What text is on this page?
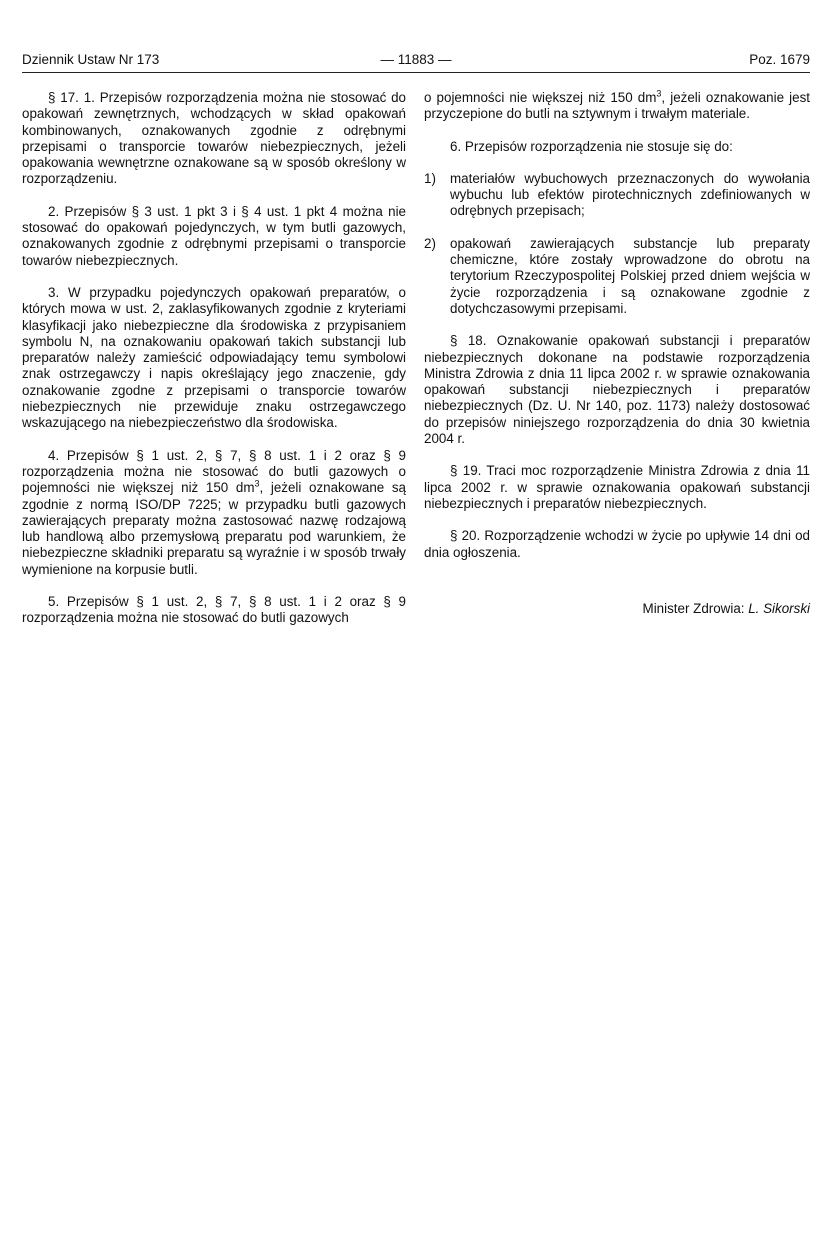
Dziennik Ustaw Nr 173	— 11883 —	Poz. 1679

§ 17. 1. Przepisów rozporządzenia można nie stosować do opakowań zewnętrznych, wchodzących w skład opakowań kombinowanych, oznakowanych zgodnie z odrębnymi przepisami o transporcie towarów niebezpiecznych, jeżeli opakowania wewnętrzne oznakowane są w sposób określony w rozporządzeniu.

2. Przepisów § 3 ust. 1 pkt 3 i § 4 ust. 1 pkt 4 można nie stosować do opakowań pojedynczych, w tym butli gazowych, oznakowanych zgodnie z odrębnymi przepisami o transporcie towarów niebezpiecznych.

3. W przypadku pojedynczych opakowań preparatów, o których mowa w ust. 2, zaklasyfikowanych zgodnie z kryteriami klasyfikacji jako niebezpieczne dla środowiska z przypisaniem symbolu N, na oznakowaniu opakowań takich substancji lub preparatów należy zamieścić odpowiadający temu symbolowi znak ostrzegawczy i napis określający jego znaczenie, gdy oznakowanie zgodne z przepisami o transporcie towarów niebezpiecznych nie przewiduje znaku ostrzegawczego wskazującego na niebezpieczeństwo dla środowiska.

4. Przepisów § 1 ust. 2, § 7, § 8 ust. 1 i 2 oraz § 9 rozporządzenia można nie stosować do butli gazowych o pojemności nie większej niż 150 $dm^3$, jeżeli oznakowane są zgodnie z normą ISO/DP 7225; w przypadku butli gazowych zawierających preparaty można zastosować nazwę rodzajową lub handlową albo przemysłową preparatu pod warunkiem, że niebezpieczne składniki preparatu są wyraźnie i w sposób trwały wymienione na korpusie butli.

5. Przepisów § 1 ust. 2, § 7, § 8 ust. 1 i 2 oraz § 9 rozporządzenia można nie stosować do butli gazowych

o pojemności nie większej niż 150 $dm^3$, jeżeli oznakowanie jest przyczepione do butli na sztywnym i trwałym materiale.

6. Przepisów rozporządzenia nie stosuje się do:

1) materiałów wybuchowych przeznaczonych do wywołania wybuchu lub efektów pirotechnicznych zdefiniowanych w odrębnych przepisach;
2) opakowań zawierających substancje lub preparaty chemiczne, które zostały wprowadzone do obrotu na terytorium Rzeczypospolitej Polskiej przed dniem wejścia w życie rozporządzenia i są oznakowane zgodnie z dotychczasowymi przepisami.

§ 18. Oznakowanie opakowań substancji i preparatów niebezpiecznych dokonane na podstawie rozporządzenia Ministra Zdrowia z dnia 11 lipca 2002 r. w sprawie oznakowania opakowań substancji niebezpiecznych i preparatów niebezpiecznych (Dz. U. Nr 140, poz. 1173) należy dostosować do przepisów niniejszego rozporządzenia do dnia 30 kwietnia 2004 r.

§ 19. Traci moc rozporządzenie Ministra Zdrowia z dnia 11 lipca 2002 r. w sprawie oznakowania opakowań substancji niebezpiecznych i preparatów niebezpiecznych.

§ 20. Rozporządzenie wchodzi w życie po upływie 14 dni od dnia ogłoszenia.

Minister Zdrowia: L. Sikorski
